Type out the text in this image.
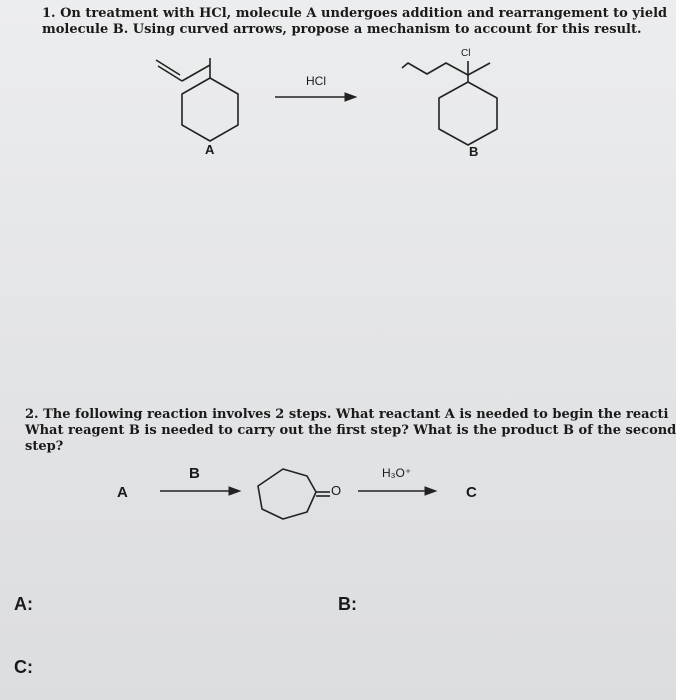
1. On treatment with HCl, molecule A undergoes addition and rearrangement to yield
molecule B. Using curved arrows, propose a mechanism to account for this result.
HCl
Cl
A	B
2. The following reaction involves 2 steps. What reactant A is needed to begin the reacti
What reagent B is needed to carry out the first step? What is the product B of the second
step?
A
B
O
H₃O⁺
C
A:	B:
C:
